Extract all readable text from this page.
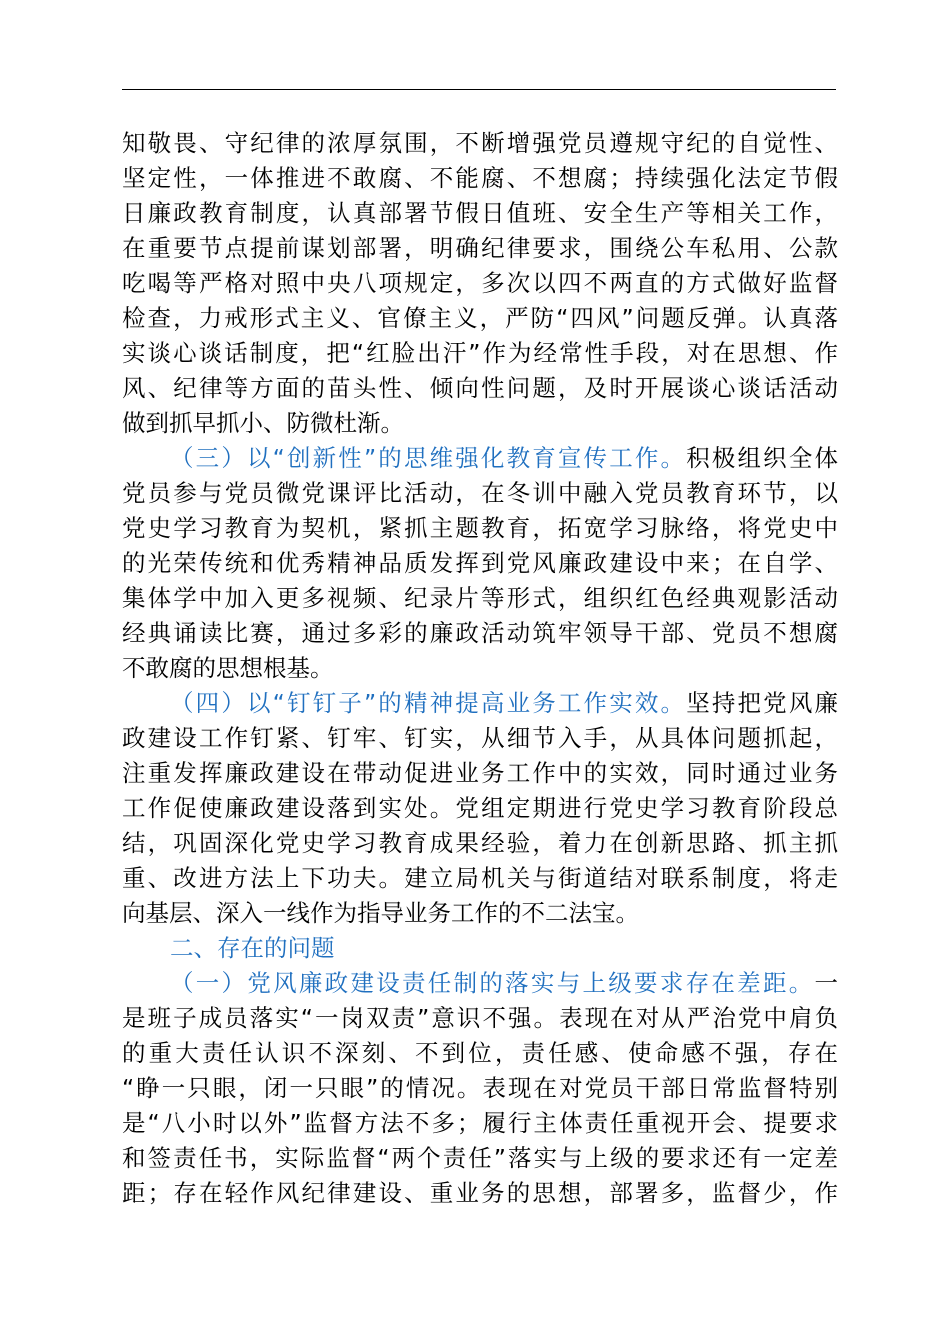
知敬畏、守纪律的浓厚氛围，不断增强党员遵规守纪的自觉性、
坚定性，一体推进不敢腐、不能腐、不想腐；持续强化法定节假
日廉政教育制度，认真部署节假日值班、安全生产等相关工作，
在重要节点提前谋划部署，明确纪律要求，围绕公车私用、公款
吃喝等严格对照中央八项规定，多次以四不两直的方式做好监督
检查，力戒形式主义、官僚主义，严防“四风”问题反弹。认真落
实谈心谈话制度，把“红脸出汗”作为经常性手段，对在思想、作
风、纪律等方面的苗头性、倾向性问题，及时开展谈心谈话活动
做到抓早抓小、防微杜渐。
（三）以“创新性”的思维强化教育宣传工作。积极组织全体
党员参与党员微党课评比活动，在冬训中融入党员教育环节，以
党史学习教育为契机，紧抓主题教育，拓宽学习脉络，将党史中
的光荣传统和优秀精神品质发挥到党风廉政建设中来；在自学、
集体学中加入更多视频、纪录片等形式，组织红色经典观影活动
经典诵读比赛，通过多彩的廉政活动筑牢领导干部、党员不想腐
不敢腐的思想根基。
（四）以“钉钉子”的精神提高业务工作实效。坚持把党风廉
政建设工作钉紧、钉牢、钉实，从细节入手，从具体问题抓起，
注重发挥廉政建设在带动促进业务工作中的实效，同时通过业务
工作促使廉政建设落到实处。党组定期进行党史学习教育阶段总
结，巩固深化党史学习教育成果经验，着力在创新思路、抓主抓
重、改进方法上下功夫。建立局机关与街道结对联系制度，将走
向基层、深入一线作为指导业务工作的不二法宝。
二、存在的问题
（一）党风廉政建设责任制的落实与上级要求存在差距。一
是班子成员落实“一岗双责”意识不强。表现在对从严治党中肩负
的重大责任认识不深刻、不到位，责任感、使命感不强，存在
“睁一只眼，闭一只眼”的情况。表现在对党员干部日常监督特别
是“八小时以外”监督方法不多；履行主体责任重视开会、提要求
和签责任书，实际监督“两个责任”落实与上级的要求还有一定差
距；存在轻作风纪律建设、重业务的思想，部署多，监督少，作
